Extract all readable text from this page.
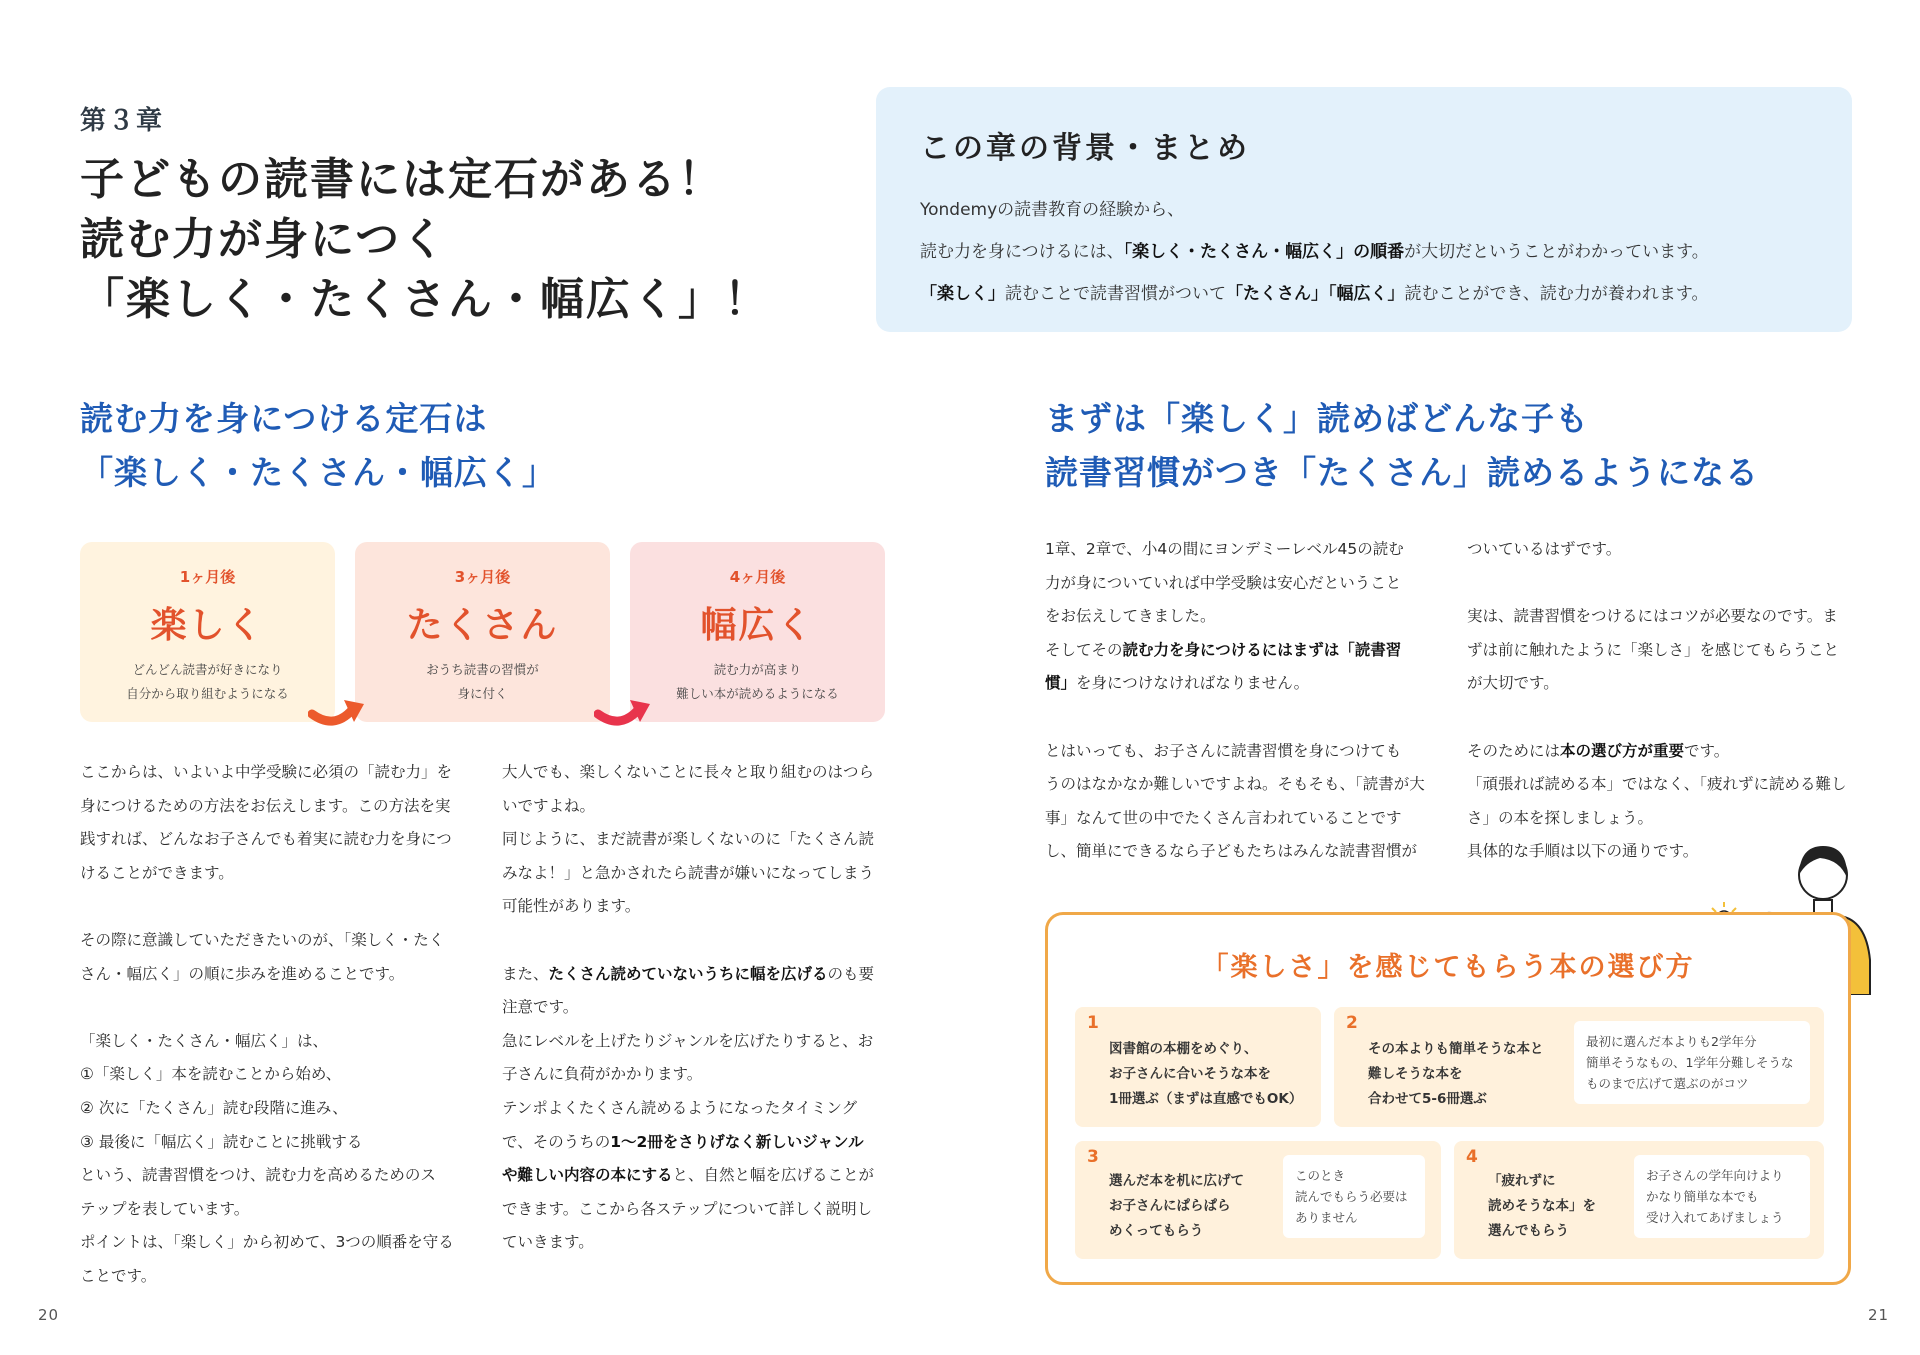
第３章
子どもの読書には定石がある！
読む力が身につく
「楽しく・たくさん・幅広く」！
読む力を身につける定石は
「楽しく・たくさん・幅広く」
1ヶ月後
楽しく
どんどん読書が好きになり
自分から取り組むようになる
3ヶ月後
たくさん
おうち読書の習慣が
身に付く
4ヶ月後
幅広く
読む力が高まり
難しい本が読めるようになる

ここからは、いよいよ中学受験に必須の「読む力」を

身につけるための方法をお伝えします。この方法を実

践すれば、どんなお子さんでも着実に読む力を身につ

けることができます。

その際に意識していただきたいのが、「楽しく・たく

さん・幅広く」の順に歩みを進めることです。

「楽しく・たくさん・幅広く」は、

①「楽しく」本を読むことから始め、

② 次に「たくさん」読む段階に進み、

③ 最後に「幅広く」読むことに挑戦する

という、読書習慣をつけ、読む力を高めるためのス

テップを表しています。

ポイントは、「楽しく」から初めて、3つの順番を守る

ことです。

大人でも、楽しくないことに長々と取り組むのはつら

いですよね。

同じように、まだ読書が楽しくないのに「たくさん読

みなよ！」と急かされたら読書が嫌いになってしまう

可能性があります。

また、たくさん読めていないうちに幅を広げるのも要

注意です。

急にレベルを上げたりジャンルを広げたりすると、お

子さんに負荷がかかります。

テンポよくたくさん読めるようになったタイミング

で、そのうちの1〜2冊をさりげなく新しいジャンル

や難しい内容の本にすると、自然と幅を広げることが

できます。ここから各ステップについて詳しく説明し

ていきます。

20
この章の背景・まとめ
Yondemyの読書教育の経験から、
読む力を身につけるには、「楽しく・たくさん・幅広く」の順番が大切だということがわかっています。
「楽しく」読むことで読書習慣がついて「たくさん」「幅広く」読むことができ、読む力が養われます。
まずは「楽しく」読めばどんな子も
読書習慣がつき「たくさん」読めるようになる

1章、2章で、小4の間にヨンデミーレベル45の読む

力が身についていれば中学受験は安心だということ

をお伝えしてきました。

そしてその読む力を身につけるにはまずは「読書習

慣」を身につけなければなりません。

とはいっても、お子さんに読書習慣を身につけても

うのはなかなか難しいですよね。そもそも、「読書が大

事」なんて世の中でたくさん言われていることです

し、簡単にできるなら子どもたちはみんな読書習慣が

ついているはずです。

実は、読書習慣をつけるにはコツが必要なのです。ま

ずは前に触れたように「楽しさ」を感じてもらうこと

が大切です。

そのためには本の選び方が重要です。

「頑張れば読める本」ではなく、「疲れずに読める難し

さ」の本を探しましょう。

具体的な手順は以下の通りです。

「楽しさ」を感じてもらう本の選び方
1
図書館の本棚をめぐり、
お子さんに合いそうな本を
1冊選ぶ（まずは直感でもOK）
2
その本よりも簡単そうな本と
難しそうな本を
合わせて5-6冊選ぶ
最初に選んだ本よりも2学年分
簡単そうなもの、1学年分難しそうな
ものまで広げて選ぶのがコツ
3
選んだ本を机に広げて
お子さんにぱらぱら
めくってもらう
このとき
読んでもらう必要は
ありません
4
「疲れずに
読めそうな本」を
選んでもらう
お子さんの学年向けより
かなり簡単な本でも
受け入れてあげましょう
21
